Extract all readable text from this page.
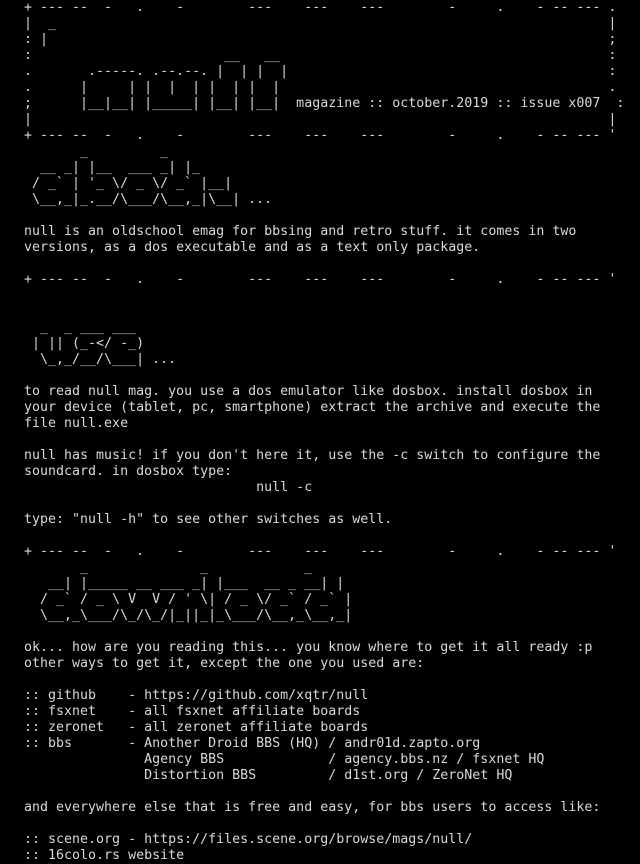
+ --- --  -   .    -        ---    ---    ---        -     .    - -- --- .
|  _                                                                     |
: |                                                                      ;
:                        __   __                                         :
.       .-----. .--.--. |  | |  |                                        :
.      |     | |  |  | |  | |  |                                         .
;      |__|__| |_____| |__| |__|  magazine :: october.2019 :: issue x007  :
|                                                                        |
+ --- --  -   .    -        ---    ---    ---        -     .    - -- --- '
_         _
__ _| |__  ___ _| |_
/ _` | '_ \/ _ \/ _` |__|
\__,_|_.__/\___/\__,_|\__| ...
null is an oldschool emag for bbsing and retro stuff. it comes in two
versions, as a dos executable and as a text only package.
+ --- --  -   .    -        ---    ---    ---        -     .    - -- --- '
_  _ ___ ___
| || (_-</ -_)
\_,_/__/\___| ...
to read null mag. you use a dos emulator like dosbox. install dosbox in
your device (tablet, pc, smartphone) extract the archive and execute the
file null.exe
null has music! if you don't here it, use the -c switch to configure the
soundcard. in dosbox type:
null -c
type: "null -h" to see other switches as well.
+ --- --  -   .    -        ---    ---    ---        -     .    - -- --- '
_              _            _
__| |_____ __ ___ _| |___  __ _ __| |
/ _` / _ \ V  V / ' \| / _ \/ _` / _` |
\__,_\___/\_/\_/|_||_|_\___/\__,_\__,_|
ok... how are you reading this... you know where to get it all ready :p
other ways to get it, except the one you used are:
:: github    - https://github.com/xqtr/null
:: fsxnet    - all fsxnet affiliate boards
:: zeronet   - all zeronet affiliate boards
:: bbs       - Another Droid BBS (HQ) / andr01d.zapto.org
Agency BBS             / agency.bbs.nz / fsxnet HQ
Distortion BBS         / d1st.org / ZeroNet HQ
and everywhere else that is free and easy, for bbs users to access like:
:: scene.org - https://files.scene.org/browse/mags/null/
:: 16colo.rs website
